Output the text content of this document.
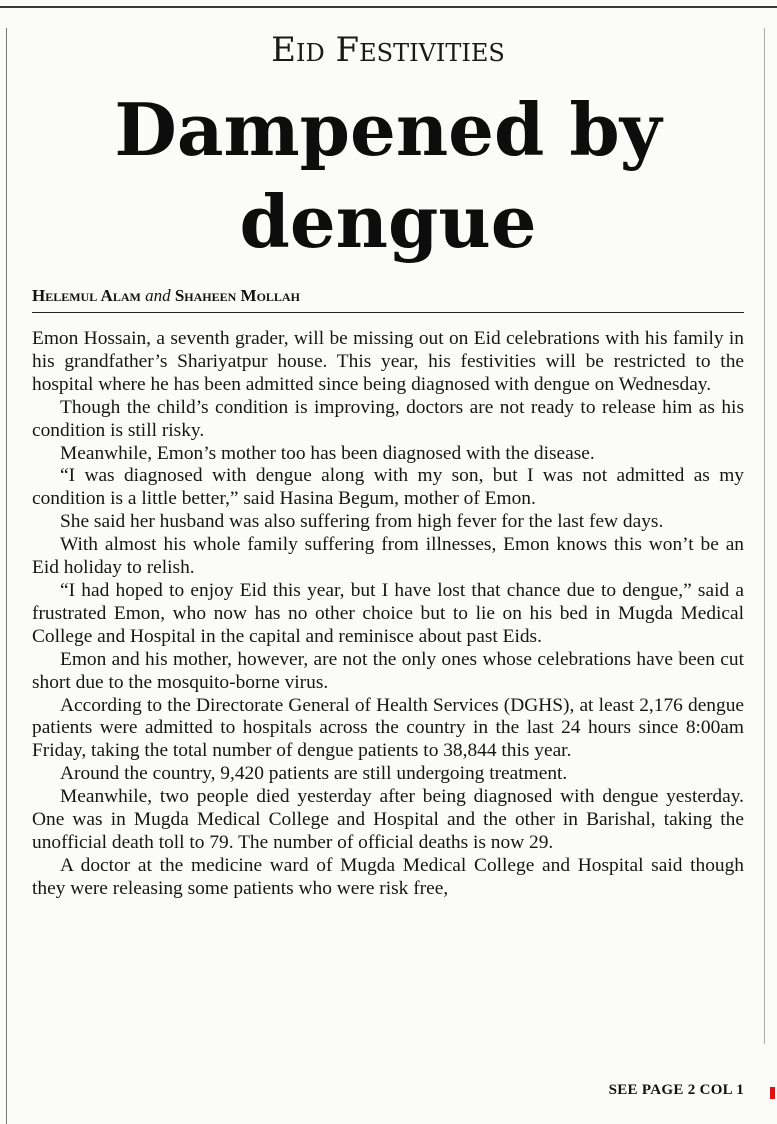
Eid Festivities
Dampened by dengue
Helemul Alam and Shaheen Mollah

Emon Hossain, a seventh grader, will be missing out on Eid celebrations with his family in his grandfather’s Shariyatpur house. This year, his festivities will be restricted to the hospital where he has been admitted since being diagnosed with dengue on Wednesday.

Though the child’s condition is improving, doctors are not ready to release him as his condition is still risky.

Meanwhile, Emon’s mother too has been diagnosed with the disease.

“I was diagnosed with dengue along with my son, but I was not admitted as my condition is a little better,” said Hasina Begum, mother of Emon.

She said her husband was also suffering from high fever for the last few days.

With almost his whole family suffering from illnesses, Emon knows this won’t be an Eid holiday to relish.

“I had hoped to enjoy Eid this year, but I have lost that chance due to dengue,” said a frustrated Emon, who now has no other choice but to lie on his bed in Mugda Medical College and Hospital in the capital and reminisce about past Eids.

Emon and his mother, however, are not the only ones whose celebrations have been cut short due to the mosquito-borne virus.

According to the Directorate General of Health Services (DGHS), at least 2,176 dengue patients were admitted to hospitals across the country in the last 24 hours since 8:00am Friday, taking the total number of dengue patients to 38,844 this year.

Around the country, 9,420 patients are still undergoing treatment.

Meanwhile, two people died yesterday after being diagnosed with dengue yesterday. One was in Mugda Medical College and Hospital and the other in Barishal, taking the unofficial death toll to 79. The number of official deaths is now 29.

A doctor at the medicine ward of Mugda Medical College and Hospital said though they were releasing some patients who were risk free,

SEE PAGE 2 COL 1
